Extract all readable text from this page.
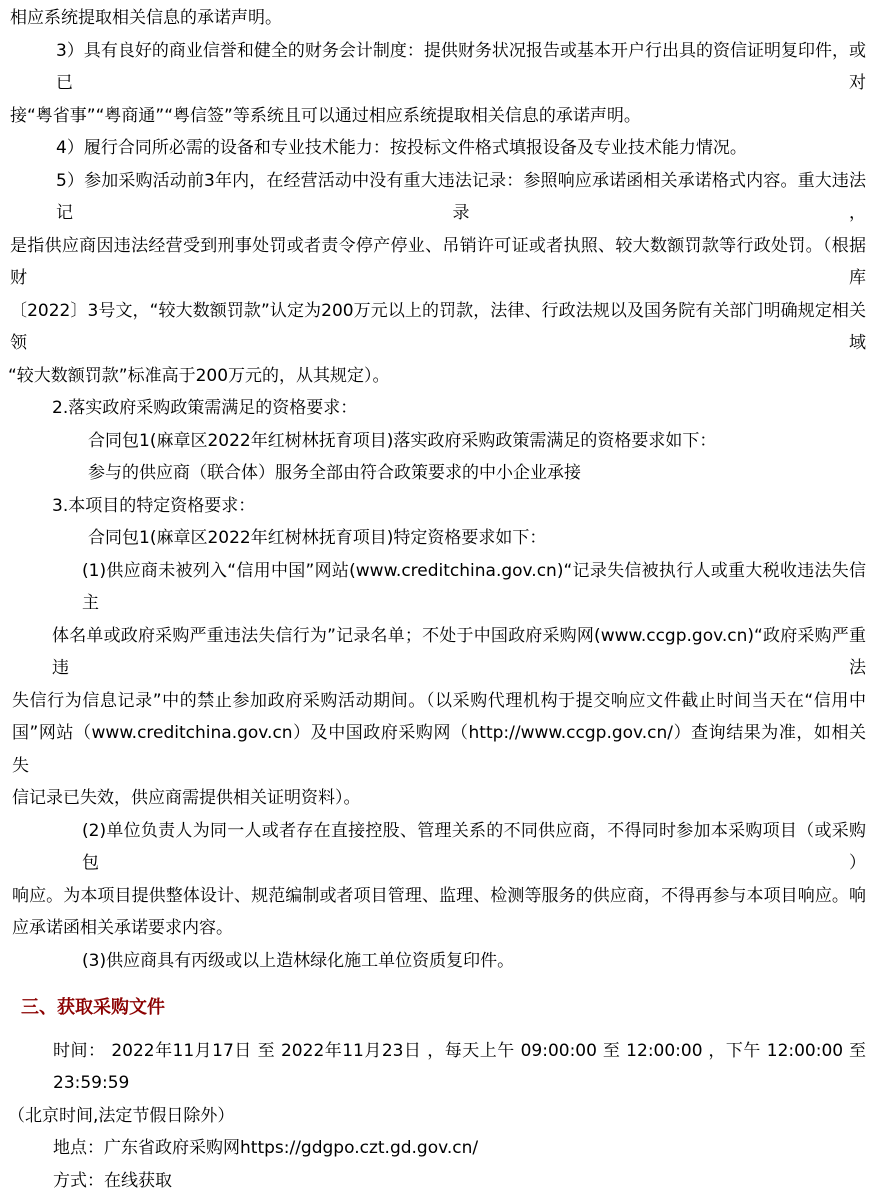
相应系统提取相关信息的承诺声明。
3）具有良好的商业信誉和健全的财务会计制度：提供财务状况报告或基本开户行出具的资信证明复印件，或已对
接“粤省事”“粤商通”“粤信签”等系统且可以通过相应系统提取相关信息的承诺声明。
4）履行合同所必需的设备和专业技术能力：按投标文件格式填报设备及专业技术能力情况。
5）参加采购活动前3年内，在经营活动中没有重大违法记录：参照响应承诺函相关承诺格式内容。重大违法记录，
是指供应商因违法经营受到刑事处罚或者责令停产停业、吊销许可证或者执照、较大数额罚款等行政处罚。（根据财库
〔2022〕3号文，“较大数额罚款”认定为200万元以上的罚款，法律、行政法规以及国务院有关部门明确规定相关领域
“较大数额罚款”标准高于200万元的，从其规定）。
2.落实政府采购政策需满足的资格要求：
合同包1(麻章区2022年红树林抚育项目)落实政府采购政策需满足的资格要求如下：
参与的供应商（联合体）服务全部由符合政策要求的中小企业承接
3.本项目的特定资格要求：
合同包1(麻章区2022年红树林抚育项目)特定资格要求如下：
(1)供应商未被列入“信用中国”网站(www.creditchina.gov.cn)“记录失信被执行人或重大税收违法失信主
体名单或政府采购严重违法失信行为”记录名单；不处于中国政府采购网(www.ccgp.gov.cn)“政府采购严重违法
失信行为信息记录”中的禁止参加政府采购活动期间。（以采购代理机构于提交响应文件截止时间当天在“信用中
国”网站（www.creditchina.gov.cn）及中国政府采购网（http://www.ccgp.gov.cn/）查询结果为准，如相关失
信记录已失效，供应商需提供相关证明资料）。
(2)单位负责人为同一人或者存在直接控股、管理关系的不同供应商，不得同时参加本采购项目（或采购包）
响应。为本项目提供整体设计、规范编制或者项目管理、监理、检测等服务的供应商，不得再参与本项目响应。响
应承诺函相关承诺要求内容。
(3)供应商具有丙级或以上造林绿化施工单位资质复印件。
三、获取采购文件
时间： 2022年11月17日 至 2022年11月23日 ，每天上午 09:00:00 至 12:00:00 ，下午 12:00:00 至 23:59:59
（北京时间,法定节假日除外）
地点：广东省政府采购网https://gdgpo.czt.gd.gov.cn/
方式：在线获取
